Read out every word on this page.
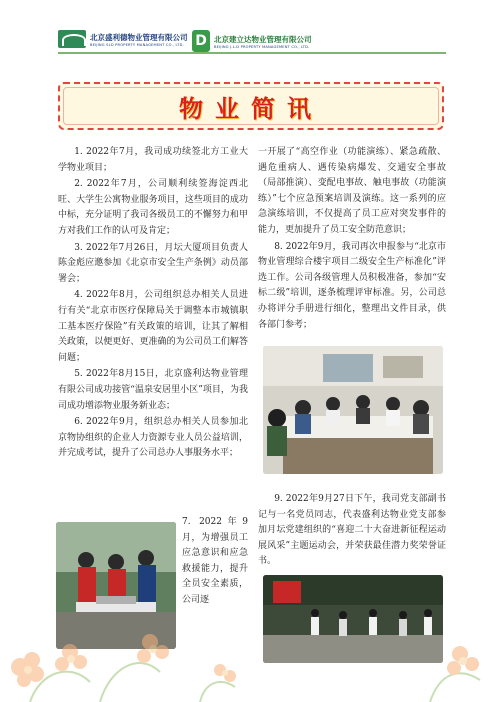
北京盛利德物业管理有限公司
BEIJING SLD PROPERTY MANAGEMENT CO., LTD. D 北京建立达物业管理有限公司
BEIJING J.L.D PROPERTY MANAGEMENT CO., LTD.
物业简讯

1. 2022年7月，我司成功续签北方工业大学物业项目；

2. 2022年7月，公司顺利续签海淀西北旺、大学生公寓物业服务项目，这些项目的成功中标，充分证明了我司各级员工的不懈努力和甲方对我们工作的认可及肯定；

3. 2022年7月26日，月坛大厦项目负责人陈金彪应邀参加《北京市安全生产条例》动员部署会；

4. 2022年8月，公司组织总办相关人员进行有关“北京市医疗保障局关于调整本市城镇职工基本医疗保险”有关政策的培训，让其了解相关政策，以便更好、更准确的为公司员工们解答问题；

5. 2022年8月15日，北京盛利达物业管理有限公司成功接管“温泉安居里小区”项目，为我司成功增添物业服务新业态；

6. 2022年9月，组织总办相关人员参加北京物协组织的企业人力资源专业人员公益培训，并完成考试，提升了公司总办人事服务水平；

7. 2022年9月，为增强员工应急意识和应急救援能力，提升全员安全素质，公司逐

一开展了“高空作业（功能演练）、紧急疏散、遇危重病人、遇传染病爆发、交通安全事故（局部推演）、变配电事故、触电事故（功能演练）”七个应急预案培训及演练。这一系列的应急演练培训，不仅提高了员工应对突发事件的能力，更加提升了员工安全防范意识；

8. 2022年9月，我司再次申报参与“北京市物业管理综合楼宇项目二级安全生产标准化”评选工作。公司各级管理人员积极准备，参加“安标二级”培训，逐条梳理评审标准。另，公司总办将评分手册进行细化，整理出文件目录，供各部门参考；

9. 2022年9月27日下午，我司党支部副书记与一名党员同志，代表盛利达物业党支部参加月坛党建组织的“喜迎二十大奋进新征程运动展风采”主题运动会，并荣获最佳潜力奖荣誉证书。
